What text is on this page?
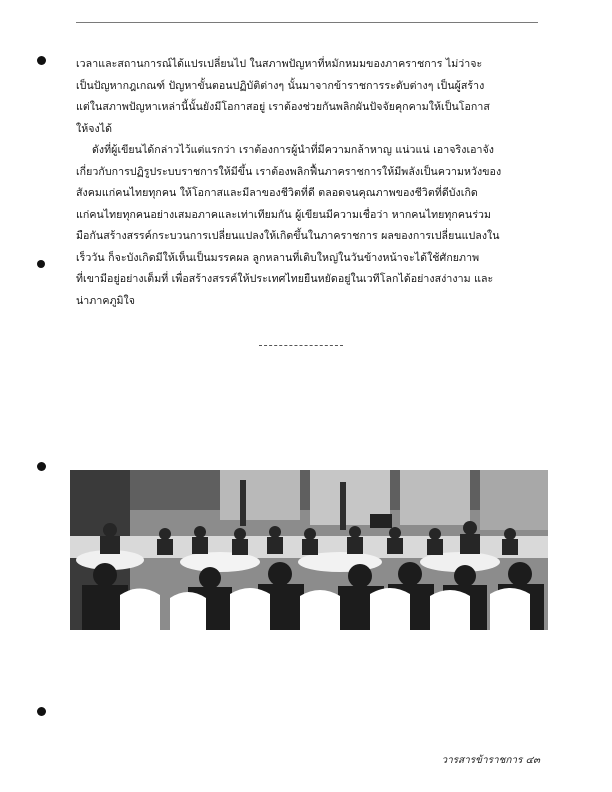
เวลาและสถานการณ์ได้แปรเปลี่ยนไป ในสภาพปัญหาที่หมักหมมของภาคราชการ ไม่ว่าจะ
เป็นปัญหากฎเกณฑ์ ปัญหาขั้นตอนปฏิบัติต่างๆ นั้นมาจากข้าราชการระดับต่างๆ เป็นผู้สร้าง
แต่ในสภาพปัญหาเหล่านี้นั้นยังมีโอกาสอยู่ เราต้องช่วยกันพลิกผันปัจจัยคุกคามให้เป็นโอกาส
ให้จงได้

ดังที่ผู้เขียนได้กล่าวไว้แต่แรกว่า เราต้องการผู้นำที่มีความกล้าหาญ แน่วแน่ เอาจริงเอาจัง
เกี่ยวกับการปฏิรูประบบราชการให้มีขึ้น เราต้องพลิกฟื้นภาคราชการให้มีพลังเป็นความหวังของ
สังคมแก่คนไทยทุกคน ให้โอกาสและมีลาของชีวิตที่ดี ตลอดจนคุณภาพของชีวิตที่ดีบังเกิด
แก่คนไทยทุกคนอย่างเสมอภาคและเท่าเทียมกัน ผู้เขียนมีความเชื่อว่า หากคนไทยทุกคนร่วม
มือกันสร้างสรรค์กระบวนการเปลี่ยนแปลงให้เกิดขึ้นในภาคราชการ ผลของการเปลี่ยนแปลงใน
เร็ววัน ก็จะบังเกิดมีให้เห็นเป็นมรรคผล ลูกหลานที่เติบใหญ่ในวันข้างหน้าจะได้ใช้ศักยภาพ
ที่เขามีอยู่อย่างเต็มที่ เพื่อสร้างสรรค์ให้ประเทศไทยยืนหยัดอยู่ในเวทีโลกได้อย่างสง่างาม และ
น่าภาคภูมิใจ

วารสารข้าราชการ ๔๓
